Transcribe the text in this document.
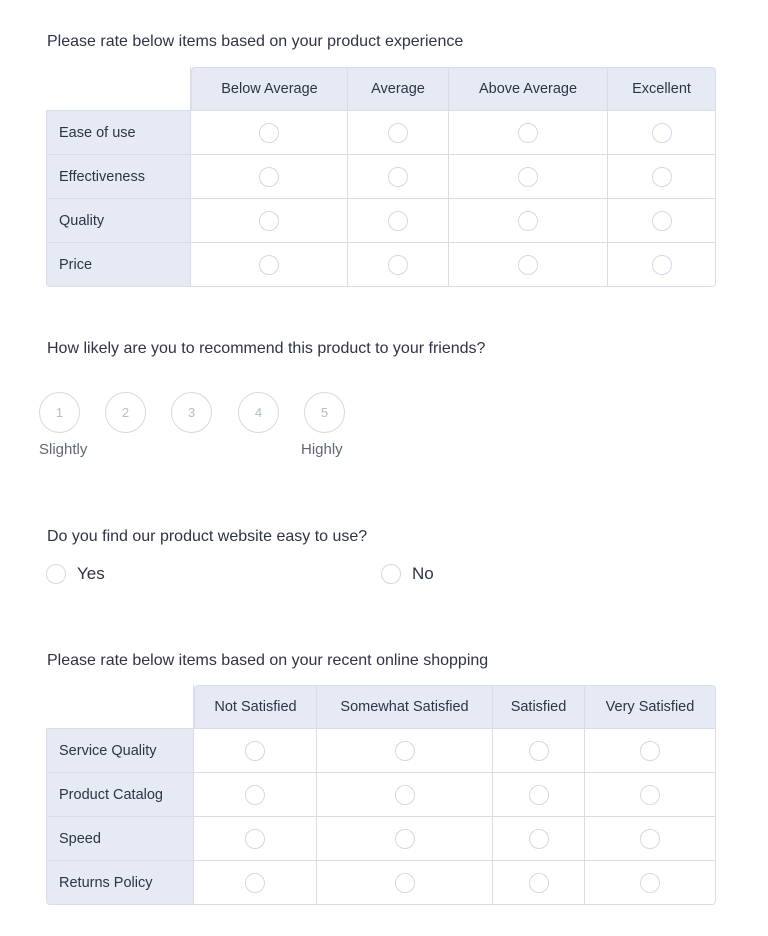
Please rate below items based on your product experience
	Below Average	Average	Above Average	Excellent
Ease of use				
Effectiveness				
Quality				
Price				
How likely are you to recommend this product to your friends?
1	2	3	4	5
Slightly	Highly
Do you find our product website easy to use?
Yes	No
Please rate below items based on your recent online shopping
	Not Satisfied	Somewhat Satisfied	Satisfied	Very Satisfied
Service Quality				
Product Catalog				
Speed				
Returns Policy				
